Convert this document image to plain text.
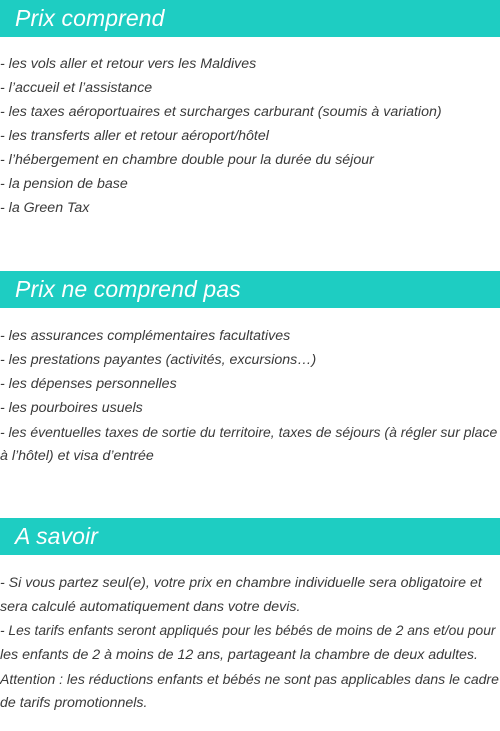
Prix comprend
- les vols aller et retour vers les Maldives
- l’accueil et l’assistance
- les taxes aéroportuaires et surcharges carburant (soumis à variation)
- les transferts aller et retour aéroport/hôtel
- l’hébergement en chambre double pour la durée du séjour
- la pension de base
- la Green Tax
Prix ne comprend pas
- les assurances complémentaires facultatives
- les prestations payantes (activités, excursions…)
- les dépenses personnelles
- les pourboires usuels
- les éventuelles taxes de sortie du territoire, taxes de séjours (à régler sur place
à l’hôtel) et visa d’entrée
A savoir
- Si vous partez seul(e), votre prix en chambre individuelle sera obligatoire et
sera calculé automatiquement dans votre devis.
- Les tarifs enfants seront appliqués pour les bébés de moins de 2 ans et/ou pour
les enfants de 2 à moins de 12 ans, partageant la chambre de deux adultes.
Attention : les réductions enfants et bébés ne sont pas applicables dans le cadre
de tarifs promotionnels.
